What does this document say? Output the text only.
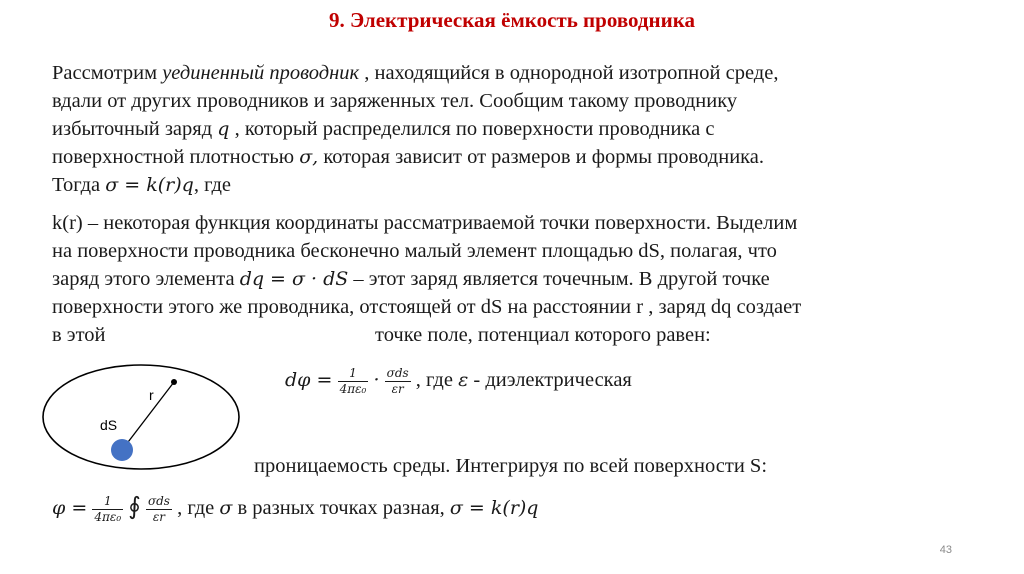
9. Электрическая ёмкость проводника
Рассмотрим уединенный проводник , находящийся в однородной изотропной среде,
вдали от других проводников и заряженных тел. Сообщим такому проводнику
избыточный заряд q , который распределился по поверхности проводника с
поверхностной плотностью σ, которая зависит от размеров и формы проводника.
Тогда σ = k(r)q, где
k(r) – некоторая функция координаты рассматриваемой точки поверхности. Выделим
на поверхности проводника бесконечно малый элемент площадью dS, полагая, что
заряд этого элемента dq = σ · dS – этот заряд является точечным. В другой точке
поверхности этого же проводника, отстоящей от dS на расстоянии r , заряд dq создает
в этой	точке поле, потенциал которого равен:
r
dS
$d\varphi = \frac{1}{\text{4πε₀}} \cdot \frac{\text{σds}}{\varepsilon r}$ , где ε - диэлектрическая
проницаемость среды. Интегрируя по всей поверхности S:
$\varphi = \frac{1}{\text{4πε₀}}$ ∮ $\frac{\text{σds}}{\varepsilon r}$ , где σ в разных точках разная, σ = k(r)q
43
